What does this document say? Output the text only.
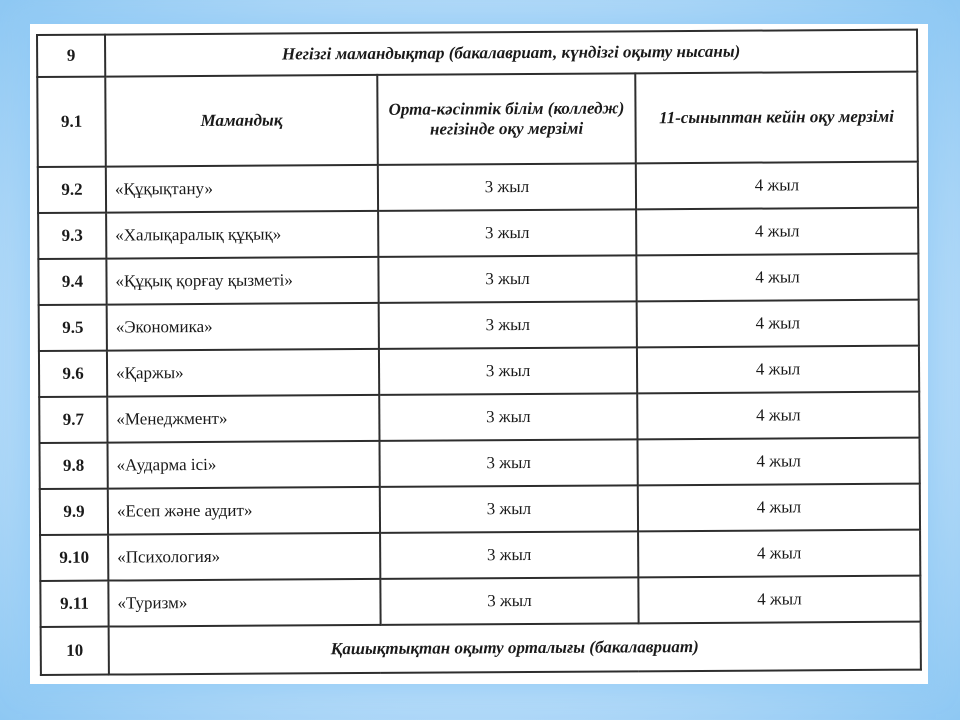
9	Негізгі мамандықтар (бакалавриат, күндізгі оқыту нысаны)		
9.1	Мамандық	Орта-кәсіптік білім (колледж) негізінде оқу мерзімі	11-сыныптан кейін оқу мерзімі
9.2	«Құқықтану»	3 жыл	4 жыл
9.3	«Халықаралық құқық»	3 жыл	4 жыл
9.4	«Құқық қорғау қызметі»	3 жыл	4 жыл
9.5	«Экономика»	3 жыл	4 жыл
9.6	«Қаржы»	3 жыл	4 жыл
9.7	«Менеджмент»	3 жыл	4 жыл
9.8	«Аударма ісі»	3 жыл	4 жыл
9.9	«Есеп және аудит»	3 жыл	4 жыл
9.10	«Психология»	3 жыл	4 жыл
9.11	«Туризм»	3 жыл	4 жыл
10	Қашықтықтан оқыту орталығы (бакалавриат)		
